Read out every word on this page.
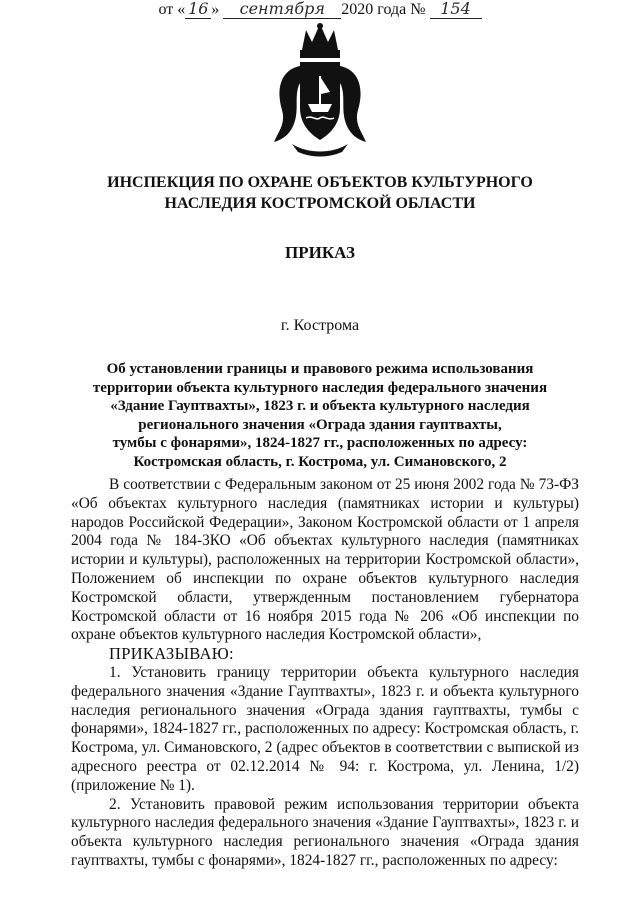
ИНСПЕКЦИЯ ПО ОХРАНЕ ОБЪЕКТОВ КУЛЬТУРНОГО
НАСЛЕДИЯ КОСТРОМСКОЙ ОБЛАСТИ
ПРИКАЗ
от « 16 » сентября 2020 года № 154
г. Кострома
Об установлении границы и правового режима использования
территории объекта культурного наследия федерального значения
«Здание Гауптвахты», 1823 г. и объекта культурного наследия
регионального значения «Ограда здания гауптвахты,
тумбы с фонарями», 1824-1827 гг., расположенных по адресу:
Костромская область, г. Кострома, ул. Симановского, 2

В соответствии с Федеральным законом от 25 июня 2002 года № 73-ФЗ «Об объектах культурного наследия (памятниках истории и культуры) народов Российской Федерации», Законом Костромской области от 1 апреля 2004 года № 184-3КО «Об объектах культурного наследия (памятниках истории и культуры), расположенных на территории Костромской области», Положением об инспекции по охране объектов культурного наследия Костромской области, утвержденным постановлением губернатора Костромской области от 16 ноября 2015 года № 206 «Об инспекции по охране объектов культурного наследия Костромской области»,

ПРИКАЗЫВАЮ:

1. Установить границу территории объекта культурного наследия федерального значения «Здание Гауптвахты», 1823 г. и объекта культурного наследия регионального значения «Ограда здания гауптвахты, тумбы с фонарями», 1824-1827 гг., расположенных по адресу: Костромская область, г. Кострома, ул. Симановского, 2 (адрес объектов в соответствии с выпиской из адресного реестра от 02.12.2014 № 94: г. Кострома, ул. Ленина, 1/2) (приложение № 1).

2. Установить правовой режим использования территории объекта культурного наследия федерального значения «Здание Гауптвахты», 1823 г. и объекта культурного наследия регионального значения «Ограда здания гауптвахты, тумбы с фонарями», 1824-1827 гг., расположенных по адресу:
